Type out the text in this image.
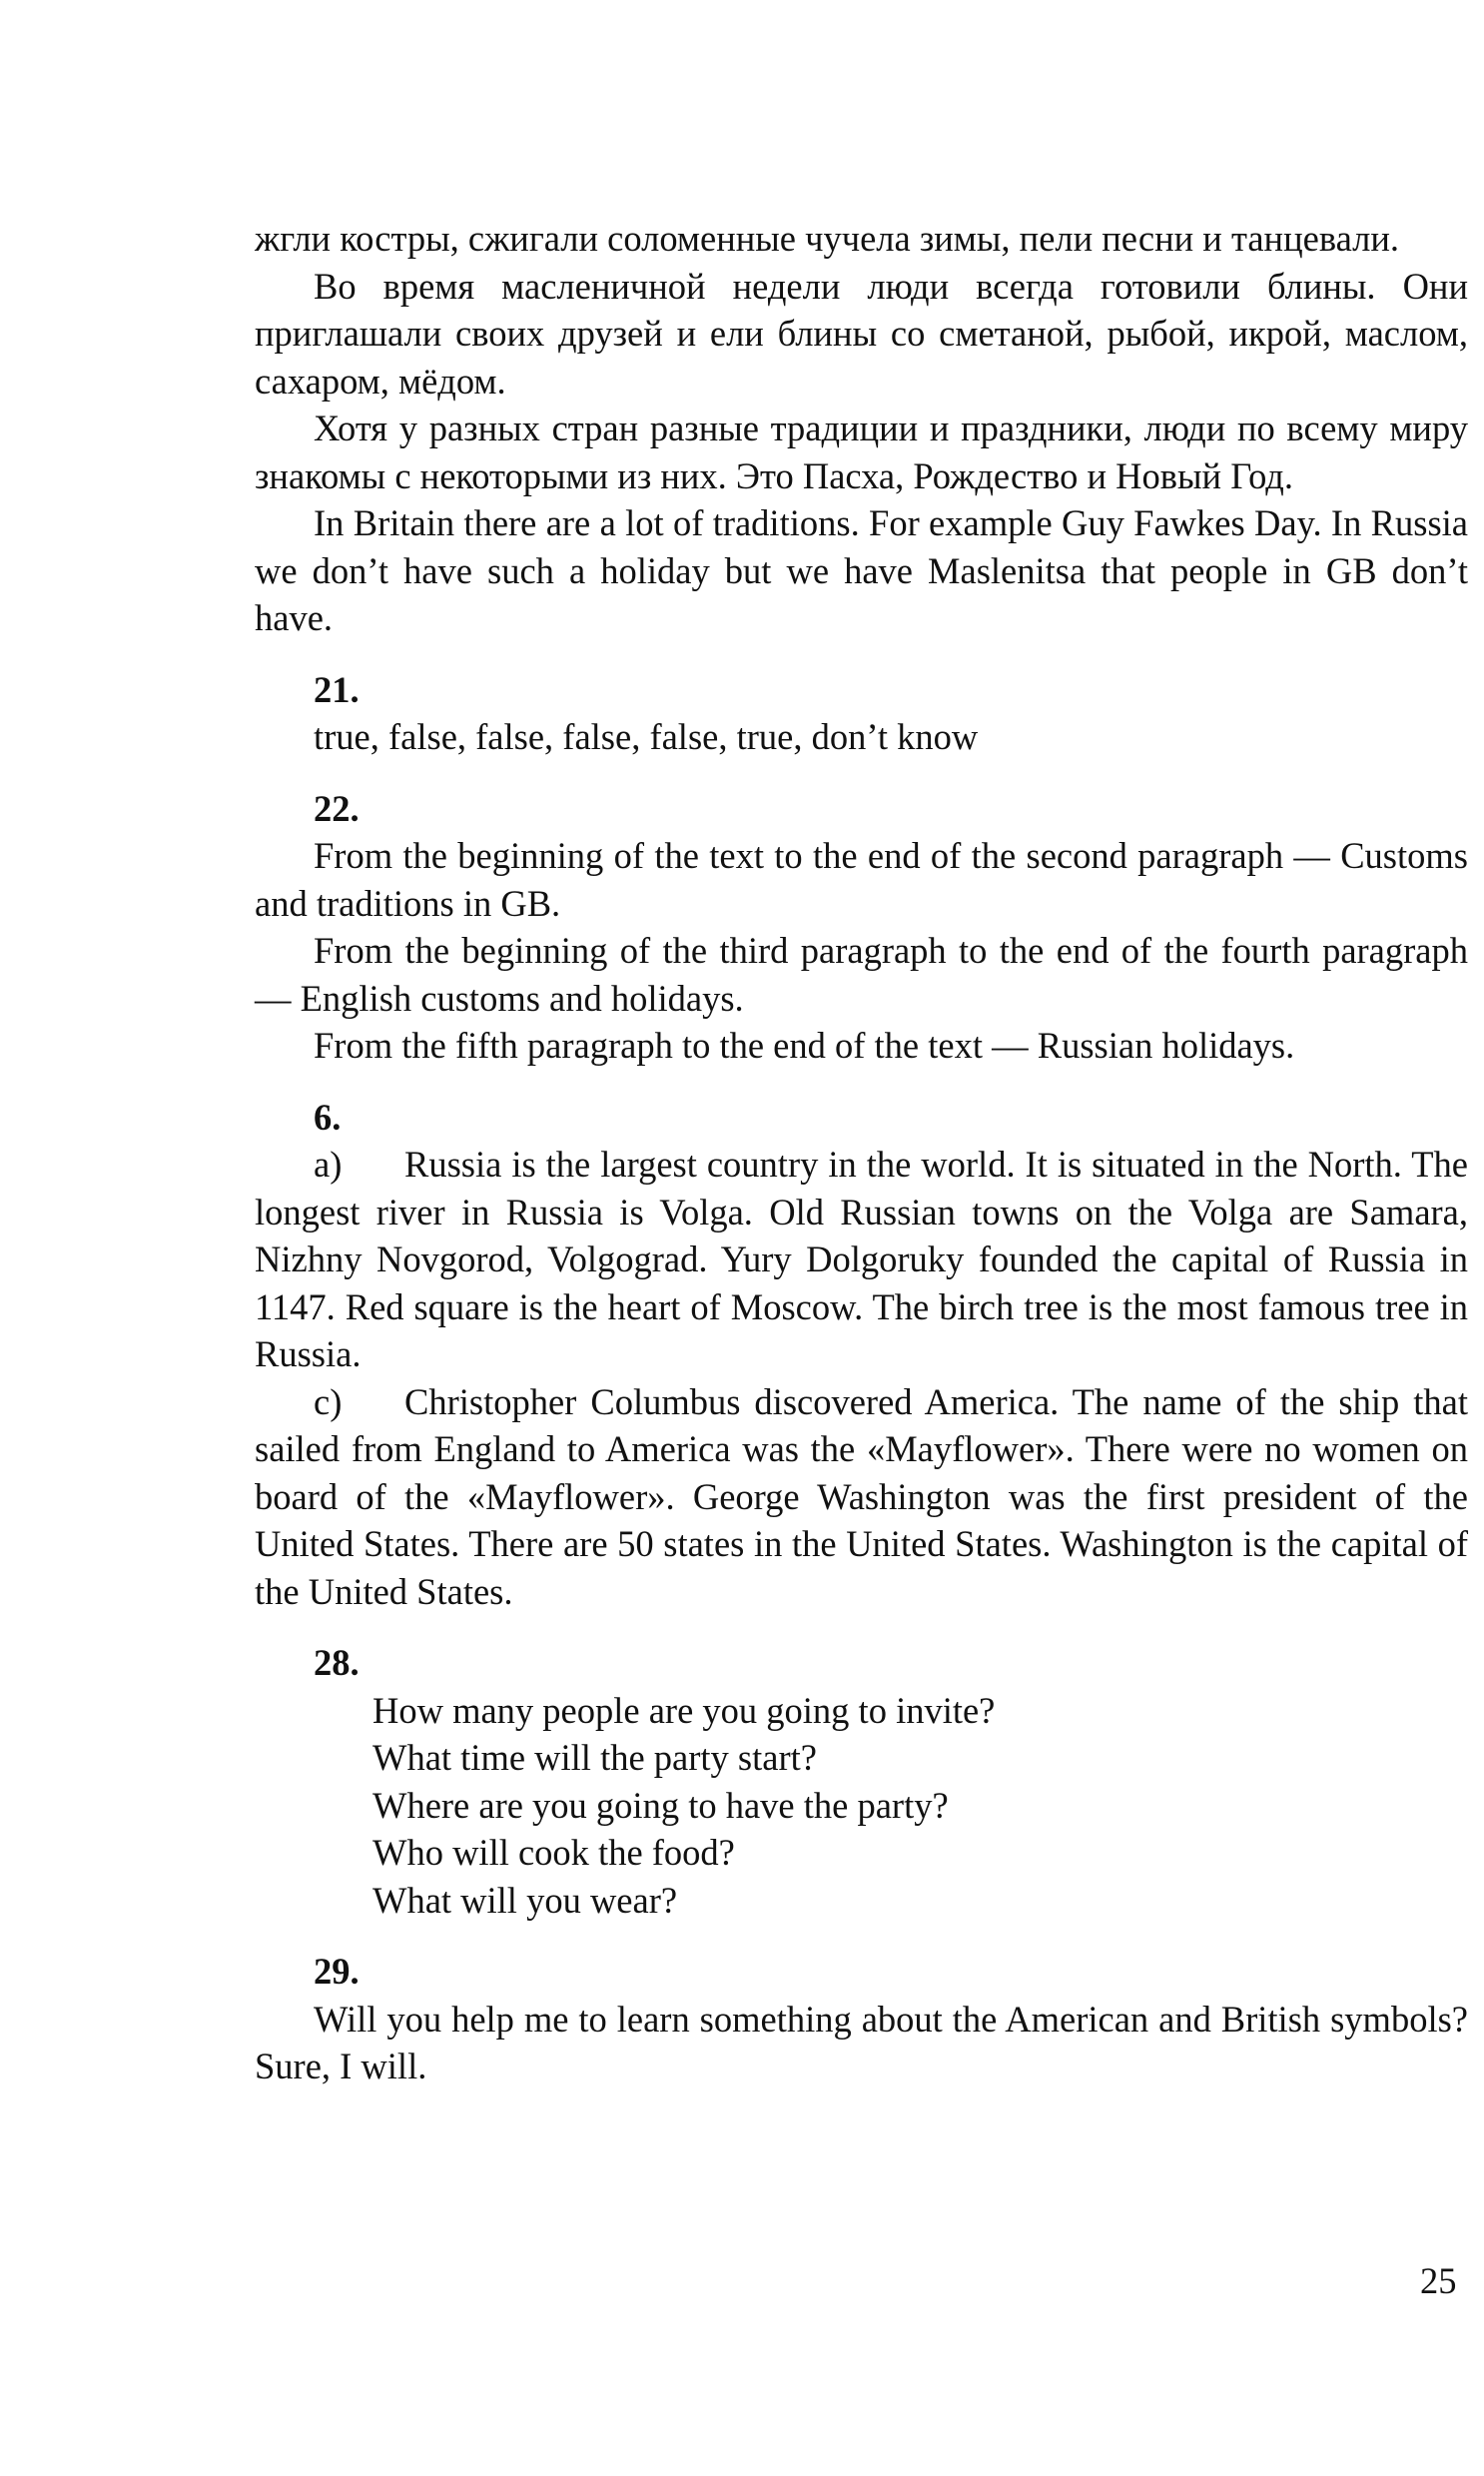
жгли костры, сжигали соломенные чучела зимы, пели песни и танцевали.

Во время масленичной недели люди всегда готовили блины. Они приглашали своих друзей и ели блины со сметаной, рыбой, икрой, маслом, сахаром, мёдом.

Хотя у разных стран разные традиции и праздники, люди по всему миру знакомы с некоторыми из них. Это Пасха, Рождество и Новый Год.

In Britain there are a lot of traditions. For example Guy Fawkes Day. In Russia we don’t have such a holiday but we have Maslenitsa that people in GB don’t have.

21.

true, false, false, false, false, true, don’t know

22.

From the beginning of the text to the end of the second paragraph — Customs and traditions in GB.

From the beginning of the third paragraph to the end of the fourth paragraph — English customs and holidays.

From the fifth paragraph to the end of the text — Russian holidays.

6.

a) Russia is the largest country in the world. It is situated in the North. The longest river in Russia is Volga. Old Russian towns on the Volga are Samara, Nizhny Novgorod, Volgograd. Yury Dolgoruky founded the capital of Russia in 1147. Red square is the heart of Moscow. The birch tree is the most famous tree in Russia.

c) Christopher Columbus discovered America. The name of the ship that sailed from England to America was the «Mayflower». There were no women on board of the «Mayflower». George Washington was the first president of the United States. There are 50 states in the United States. Washington is the capital of the United States.

28.

How many people are you going to invite?

What time will the party start?

Where are you going to have the party?

Who will cook the food?

What will you wear?

29.

Will you help me to learn something about the American and British symbols? Sure, I will.

25
